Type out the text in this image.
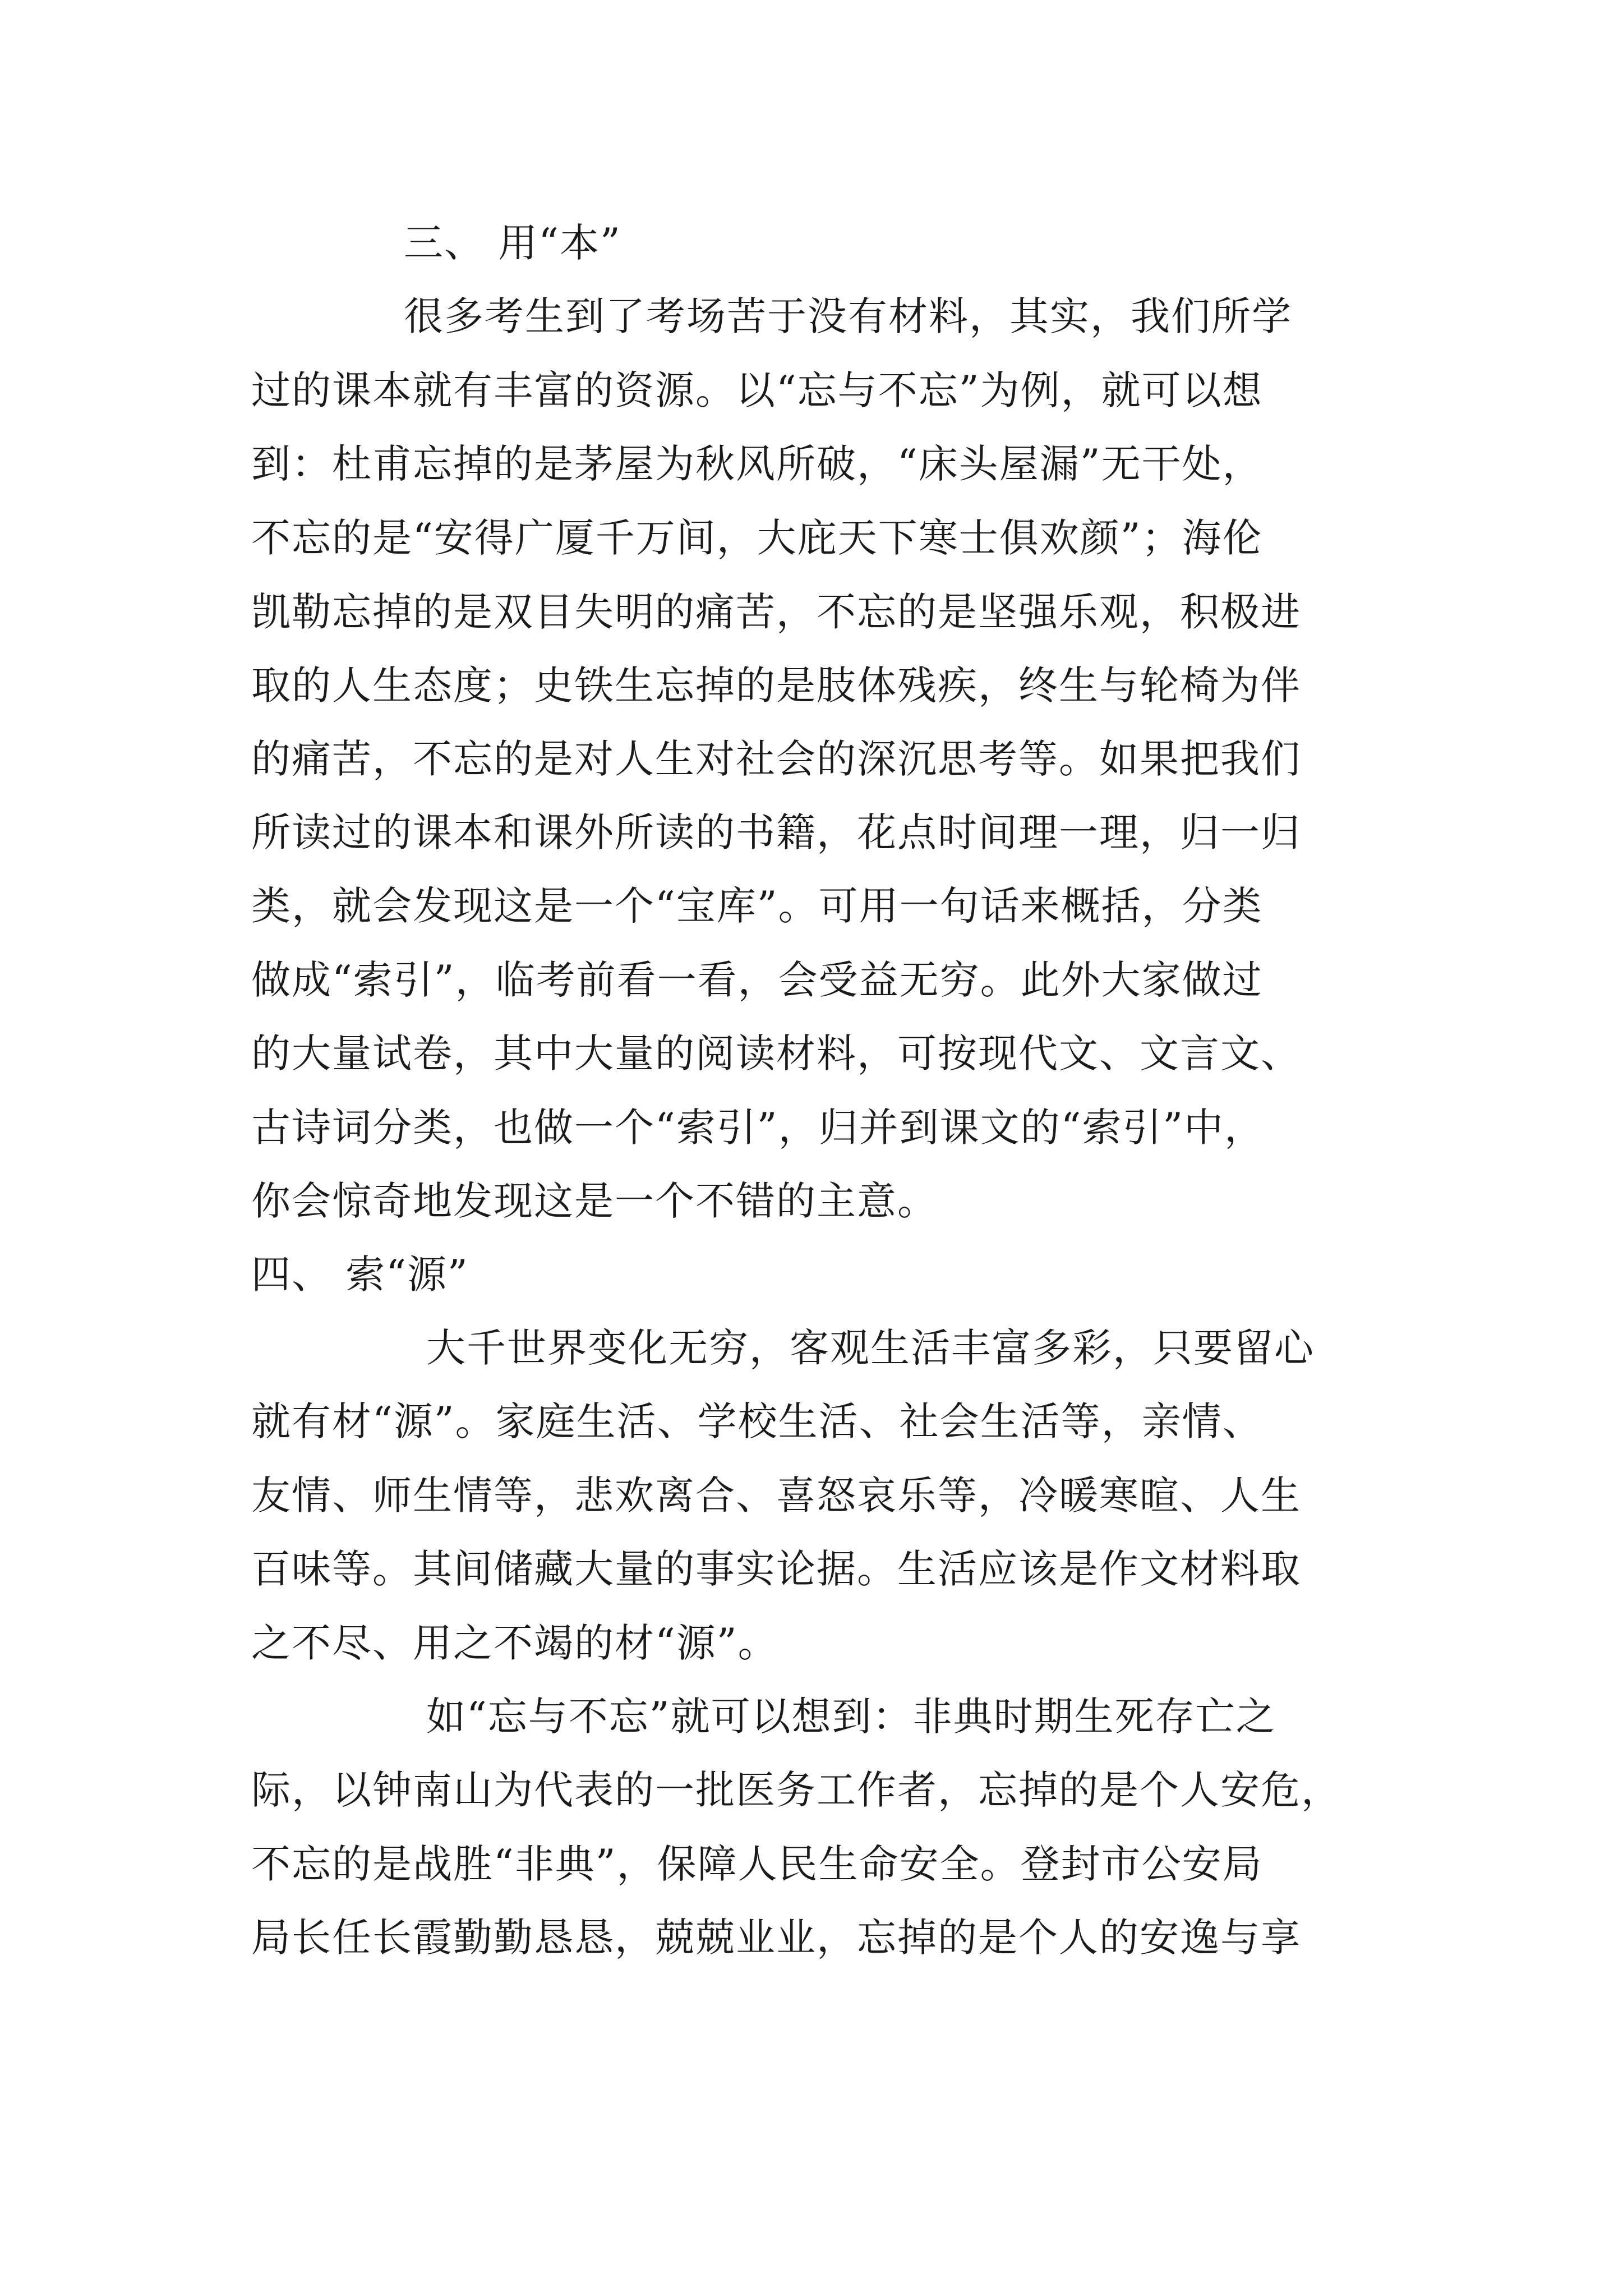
三、 用“本”
很多考生到了考场苦于没有材料，其实，我们所学
过的课本就有丰富的资源。以“忘与不忘”为例，就可以想
到：杜甫忘掉的是茅屋为秋风所破，“床头屋漏”无干处，
不忘的是“安得广厦千万间，大庇天下寒士俱欢颜”；海伦
凯勒忘掉的是双目失明的痛苦，不忘的是坚强乐观，积极进
取的人生态度；史铁生忘掉的是肢体残疾，终生与轮椅为伴
的痛苦，不忘的是对人生对社会的深沉思考等。如果把我们
所读过的课本和课外所读的书籍，花点时间理一理，归一归
类，就会发现这是一个“宝库”。可用一句话来概括，分类
做成“索引”，临考前看一看，会受益无穷。此外大家做过
的大量试卷，其中大量的阅读材料，可按现代文、文言文、
古诗词分类，也做一个“索引”，归并到课文的“索引”中，
你会惊奇地发现这是一个不错的主意。
四、 索“源”
大千世界变化无穷，客观生活丰富多彩，只要留心
就有材“源”。家庭生活、学校生活、社会生活等，亲情、
友情、师生情等，悲欢离合、喜怒哀乐等，冷暖寒暄、人生
百味等。其间储藏大量的事实论据。生活应该是作文材料取
之不尽、用之不竭的材“源”。
如“忘与不忘”就可以想到：非典时期生死存亡之
际，以钟南山为代表的一批医务工作者，忘掉的是个人安危，
不忘的是战胜“非典”，保障人民生命安全。登封市公安局
局长任长霞勤勤恳恳，兢兢业业，忘掉的是个人的安逸与享
